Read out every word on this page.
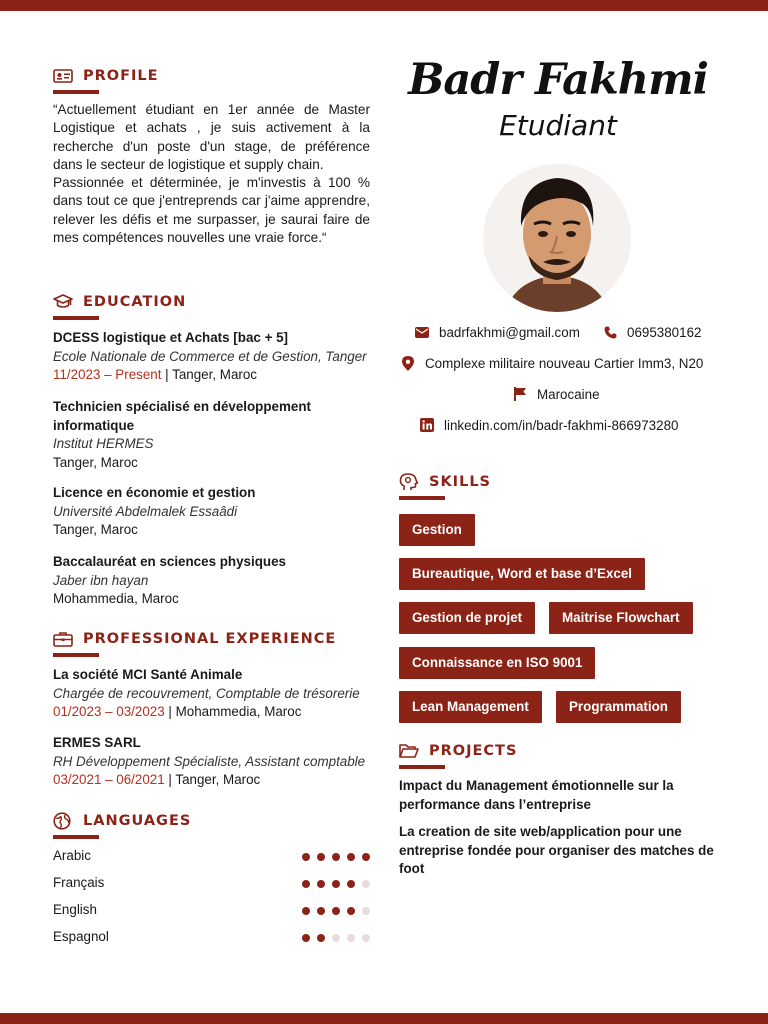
PROFILE

“Actuellement étudiant en 1er année de Master Logistique et achats , je suis activement à la recherche d'un poste d'un stage, de préférence dans le secteur de logistique et supply chain.

Passionnée et déterminée, je m'investis à 100 % dans tout ce que j'entreprends car j'aime apprendre, relever les défis et me surpasser, je saurai faire de mes compétences nouvelles une vraie force.“

EDUCATION
DCESS logistique et Achats [bac + 5]
Ecole Nationale de Commerce et de Gestion, Tanger
11/2023 – Present | Tanger, Maroc
Technicien spécialisé en développement informatique
Institut HERMES
Tanger, Maroc
Licence en économie et gestion
Université Abdelmalek Essaâdi
Tanger, Maroc
Baccalauréat en sciences physiques
Jaber ibn hayan
Mohammedia, Maroc
PROFESSIONAL EXPERIENCE
La société MCI Santé Animale
Chargée de recouvrement, Comptable de trésorerie
01/2023 – 03/2023 | Mohammedia, Maroc
ERMES SARL
RH Développement Spécialiste, Assistant comptable
03/2021 – 06/2021 | Tanger, Maroc
LANGUAGES
Arabic
Français
English
Espagnol
Badr Fakhmi
Etudiant
badrfakhmi@gmail.com	0695380162
Complexe militaire nouveau Cartier Imm3, N20
Marocaine
linkedin.com/in/badr-fakhmi-866973280
SKILLS
Gestion
Bureautique, Word et base d’Excel
Gestion de projet	Maitrise Flowchart
Connaissance en ISO 9001
Lean Management	Programmation
PROJECTS
Impact du Management émotionnelle sur la performance dans l’entreprise
La creation de site web/application pour une entreprise fondée pour organiser des matches de foot
